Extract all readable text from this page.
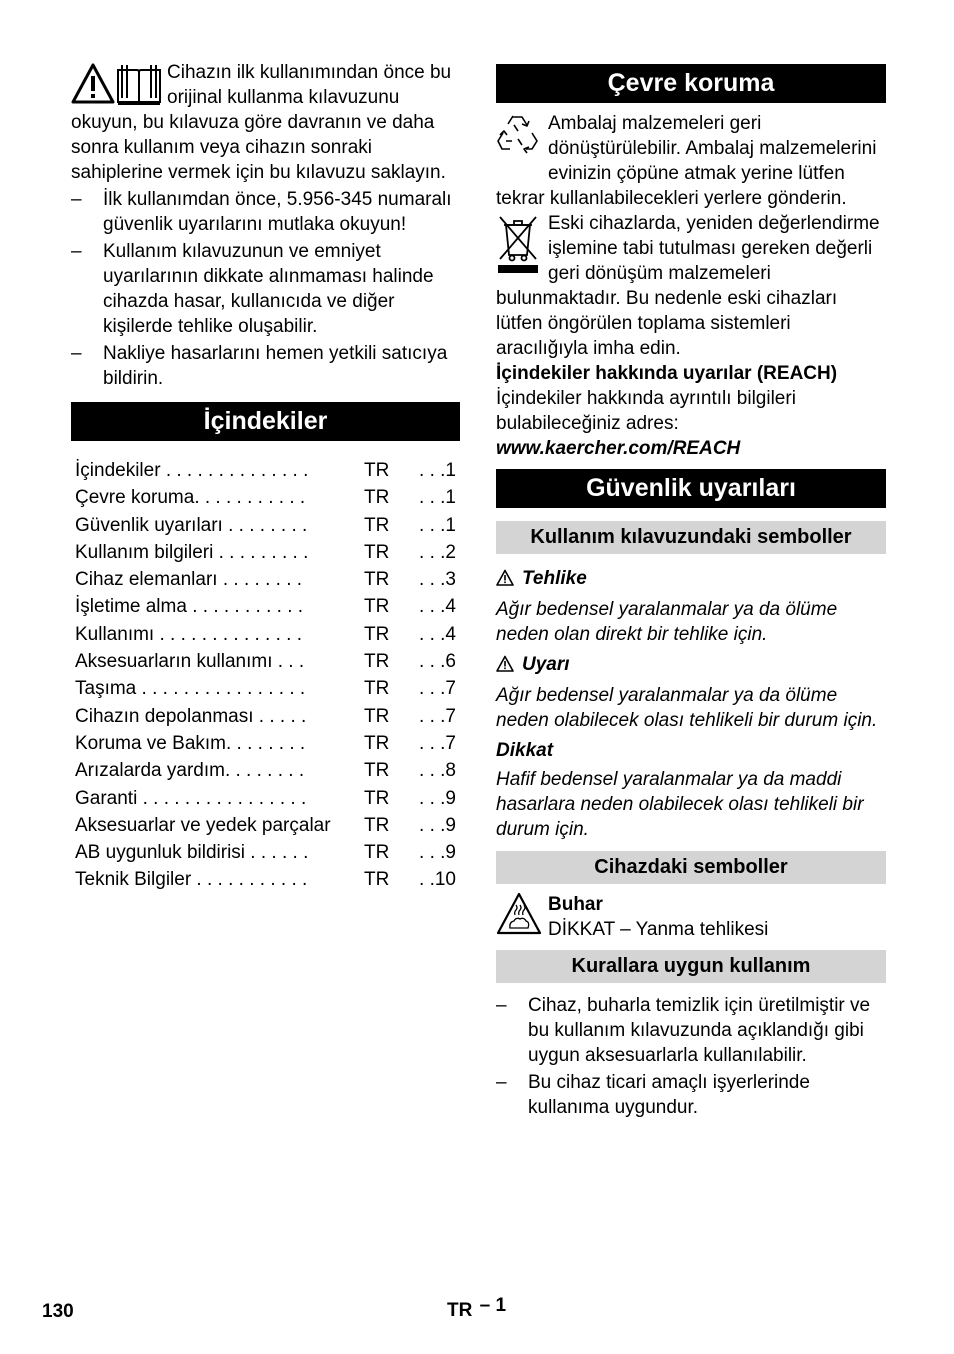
Cihazın ilk kullanımından önce bu orijinal kullanma kılavuzunu okuyun, bu kılavuza göre davranın ve daha sonra kullanım veya cihazın sonraki sahiplerine vermek için bu kılavuzu saklayın.

– İlk kullanımdan önce, 5.956-345 numaralı güvenlik uyarılarını mutlaka okuyun!
– Kullanım kılavuzunun ve emniyet uyarılarının dikkate alınmaması halinde cihazda hasar, kullanıcıda ve diğer kişilerde tehlike oluşabilir.
– Nakliye hasarlarını hemen yetkili satıcıya bildirin.
İçindekiler
İçindekiler . . . . . . . . . . . . . .	TR	. . .1
Çevre koruma. . . . . . . . . . .	TR	. . .1
Güvenlik uyarıları . . . . . . . .	TR	. . .1
Kullanım bilgileri . . . . . . . . .	TR	. . .2
Cihaz elemanları . . . . . . . .	TR	. . .3
İşletime alma . . . . . . . . . . .	TR	. . .4
Kullanımı . . . . . . . . . . . . . .	TR	. . .4
Aksesuarların kullanımı . . .	TR	. . .6
Taşıma . . . . . . . . . . . . . . . .	TR	. . .7
Cihazın depolanması . . . . .	TR	. . .7
Koruma ve Bakım. . . . . . . .	TR	. . .7
Arızalarda yardım. . . . . . . .	TR	. . .8
Garanti . . . . . . . . . . . . . . . .	TR	. . .9
Aksesuarlar ve yedek parçalar	TR	. . .9
AB uygunluk bildirisi . . . . . .	TR	. . .9
Teknik Bilgiler . . . . . . . . . . .	TR	. .10
Çevre koruma

Ambalaj malzemeleri geri dönüştürülebilir. Ambalaj malzemelerini evinizin çöpüne atmak yerine lütfen tekrar kullanlabilecekleri yerlere gönderin.

Eski cihazlarda, yeniden değerlendirme işlemine tabi tutulması gereken değerli geri dönüşüm malzemeleri bulunmaktadır. Bu nedenle eski cihazları lütfen öngörülen toplama sistemleri aracılığıyla imha edin.

İçindekiler hakkında uyarılar (REACH)

İçindekiler hakkında ayrıntılı bilgileri bulabileceğiniz adres:

www.kaercher.com/REACH

Güvenlik uyarıları
Kullanım kılavuzundaki semboller

Tehlike

Ağır bedensel yaralanmalar ya da ölüme neden olan direkt bir tehlike için.

Uyarı

Ağır bedensel yaralanmalar ya da ölüme neden olabilecek olası tehlikeli bir durum için.

Dikkat

Hafif bedensel yaralanmalar ya da maddi hasarlara neden olabilecek olası tehlikeli bir durum için.

Cihazdaki semboller

Buhar

DİKKAT – Yanma tehlikesi

Kurallara uygun kullanım
– Cihaz, buharla temizlik için üretilmiştir ve bu kullanım kılavuzunda açıklandığı gibi uygun aksesuarlarla kullanılabilir.
– Bu cihaz ticari amaçlı işyerlerinde kullanıma uygundur.
130	TR – 1
